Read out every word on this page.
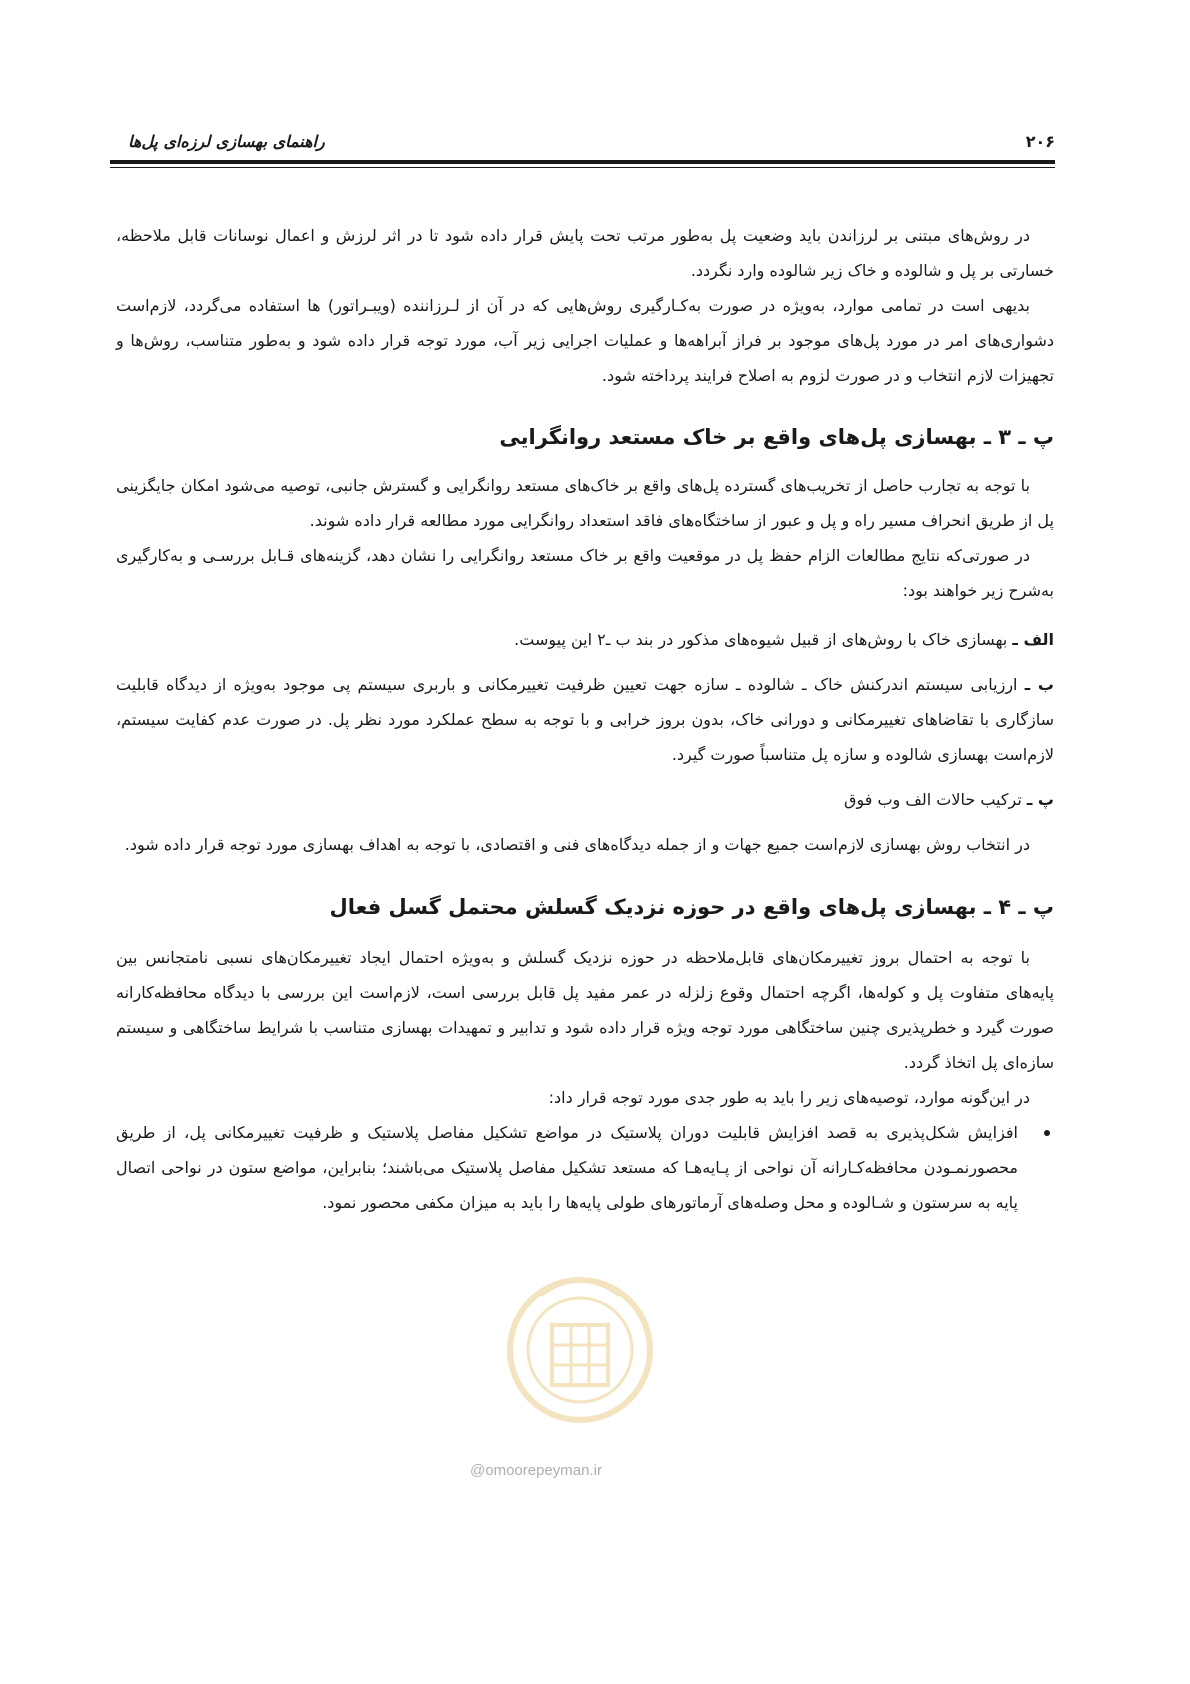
۲۰۶
راهنمای بهسازی لرزه‌ای پل‌ها

در روش‌های مبتنی بر لرزاندن باید وضعیت پل به‌طور مرتب تحت پایش قرار داده شود تا در اثر لرزش و اعمال نوسانات قابل ملاحظه، خسارتی بر پل و شالوده و خاک زیر شالوده وارد نگردد.

بدیهی است در تمامی موارد، به‌ویژه در صورت به‌کـارگیری روش‌هایی که در آن از لـرزاننده (ویبـراتور) ها استفاده می‌گردد، لازم‌است دشواری‌های امر در مورد پل‌های موجود بر فراز آبراهه‌ها و عملیات اجرایی زیر آب، مورد توجه قرار داده شود و به‌طور متناسب، روش‌ها و تجهیزات لازم انتخاب و در صورت لزوم به اصلاح فرایند پرداخته شود.

پ ـ ۳ ـ بهسازی پل‌های واقع بر خاک مستعد روانگرایی

با توجه به تجارب حاصل از تخریب‌های گسترده پل‌های واقع بر خاک‌های مستعد روانگرایی و گسترش جانبی، توصیه می‌شود امکان جایگزینی پل از طریق انحراف مسیر راه و پل و عبور از ساختگاه‌های فاقد استعداد روانگرایی مورد مطالعه قرار داده شوند.

در صورتی‌که نتایج مطالعات الزام حفظ پل در موقعیت واقع بر خاک مستعد روانگرایی را نشان دهد، گزینه‌های قـابل بررسـی و به‌کارگیری به‌شرح زیر خواهند بود:

الف ـ بهسازی خاک با روش‌های از قبیل شیوه‌های مذکور در بند ب ـ۲ این پیوست.

ب ـ ارزیابی سیستم اندرکنش خاک ـ شالوده ـ سازه جهت تعیین ظرفیت تغییرمکانی و باربری سیستم پی موجود به‌ویژه از دیدگاه قابلیت سازگاری با تقاضاهای تغییرمکانی و دورانی خاک، بدون بروز خرابی و با توجه به سطح عملکرد مورد نظر پل. در صورت عدم کفایت سیستم، لازم‌است بهسازی شالوده و سازه پل متناسباً صورت گیرد.

پ ـ ترکیب حالات الف وب فوق

در انتخاب روش بهسازی لازم‌است جمیع جهات و از جمله دیدگاه‌های فنی و اقتصادی، با توجه به اهداف بهسازی مورد توجه قرار داده شود.

پ ـ ۴ ـ بهسازی پل‌های واقع در حوزه نزدیک گسلش محتمل گسل فعال

با توجه به احتمال بروز تغییرمکان‌های قابل‌ملاحظه در حوزه نزدیک گسلش و به‌ویژه احتمال ایجاد تغییرمکان‌های نسبی نامتجانس بین پایه‌های متفاوت پل و کوله‌ها، اگرچه احتمال وقوع زلزله در عمر مفید پل قابل بررسی است، لازم‌است این بررسی با دیدگاه محافظه‌کارانه صورت گیرد و خطرپذیری چنین ساختگاهی مورد توجه ویژه قرار داده شود و تدابیر و تمهیدات بهسازی متناسب با شرایط ساختگاهی و سیستم سازه‌ای پل اتخاذ گردد.

در این‌گونه موارد، توصیه‌های زیر را باید به طور جدی مورد توجه قرار داد:

افزایش شکل‌پذیری به قصد افزایش قابلیت دوران پلاستیک در مواضع تشکیل مفاصل پلاستیک و ظرفیت تغییرمکانی پل، از طریق محصورنمـودن محافظه‌کـارانه آن نواحی از پـایه‌هـا که مستعد تشکیل مفاصل پلاستیک می‌باشند؛ بنابراین، مواضع ستون در نواحی اتصال پایه به سرستون و شـالوده و محل وصله‌های آرماتورهای طولی پایه‌ها را باید به میزان مکفی محصور نمود.

@omoorepeyman.ir
